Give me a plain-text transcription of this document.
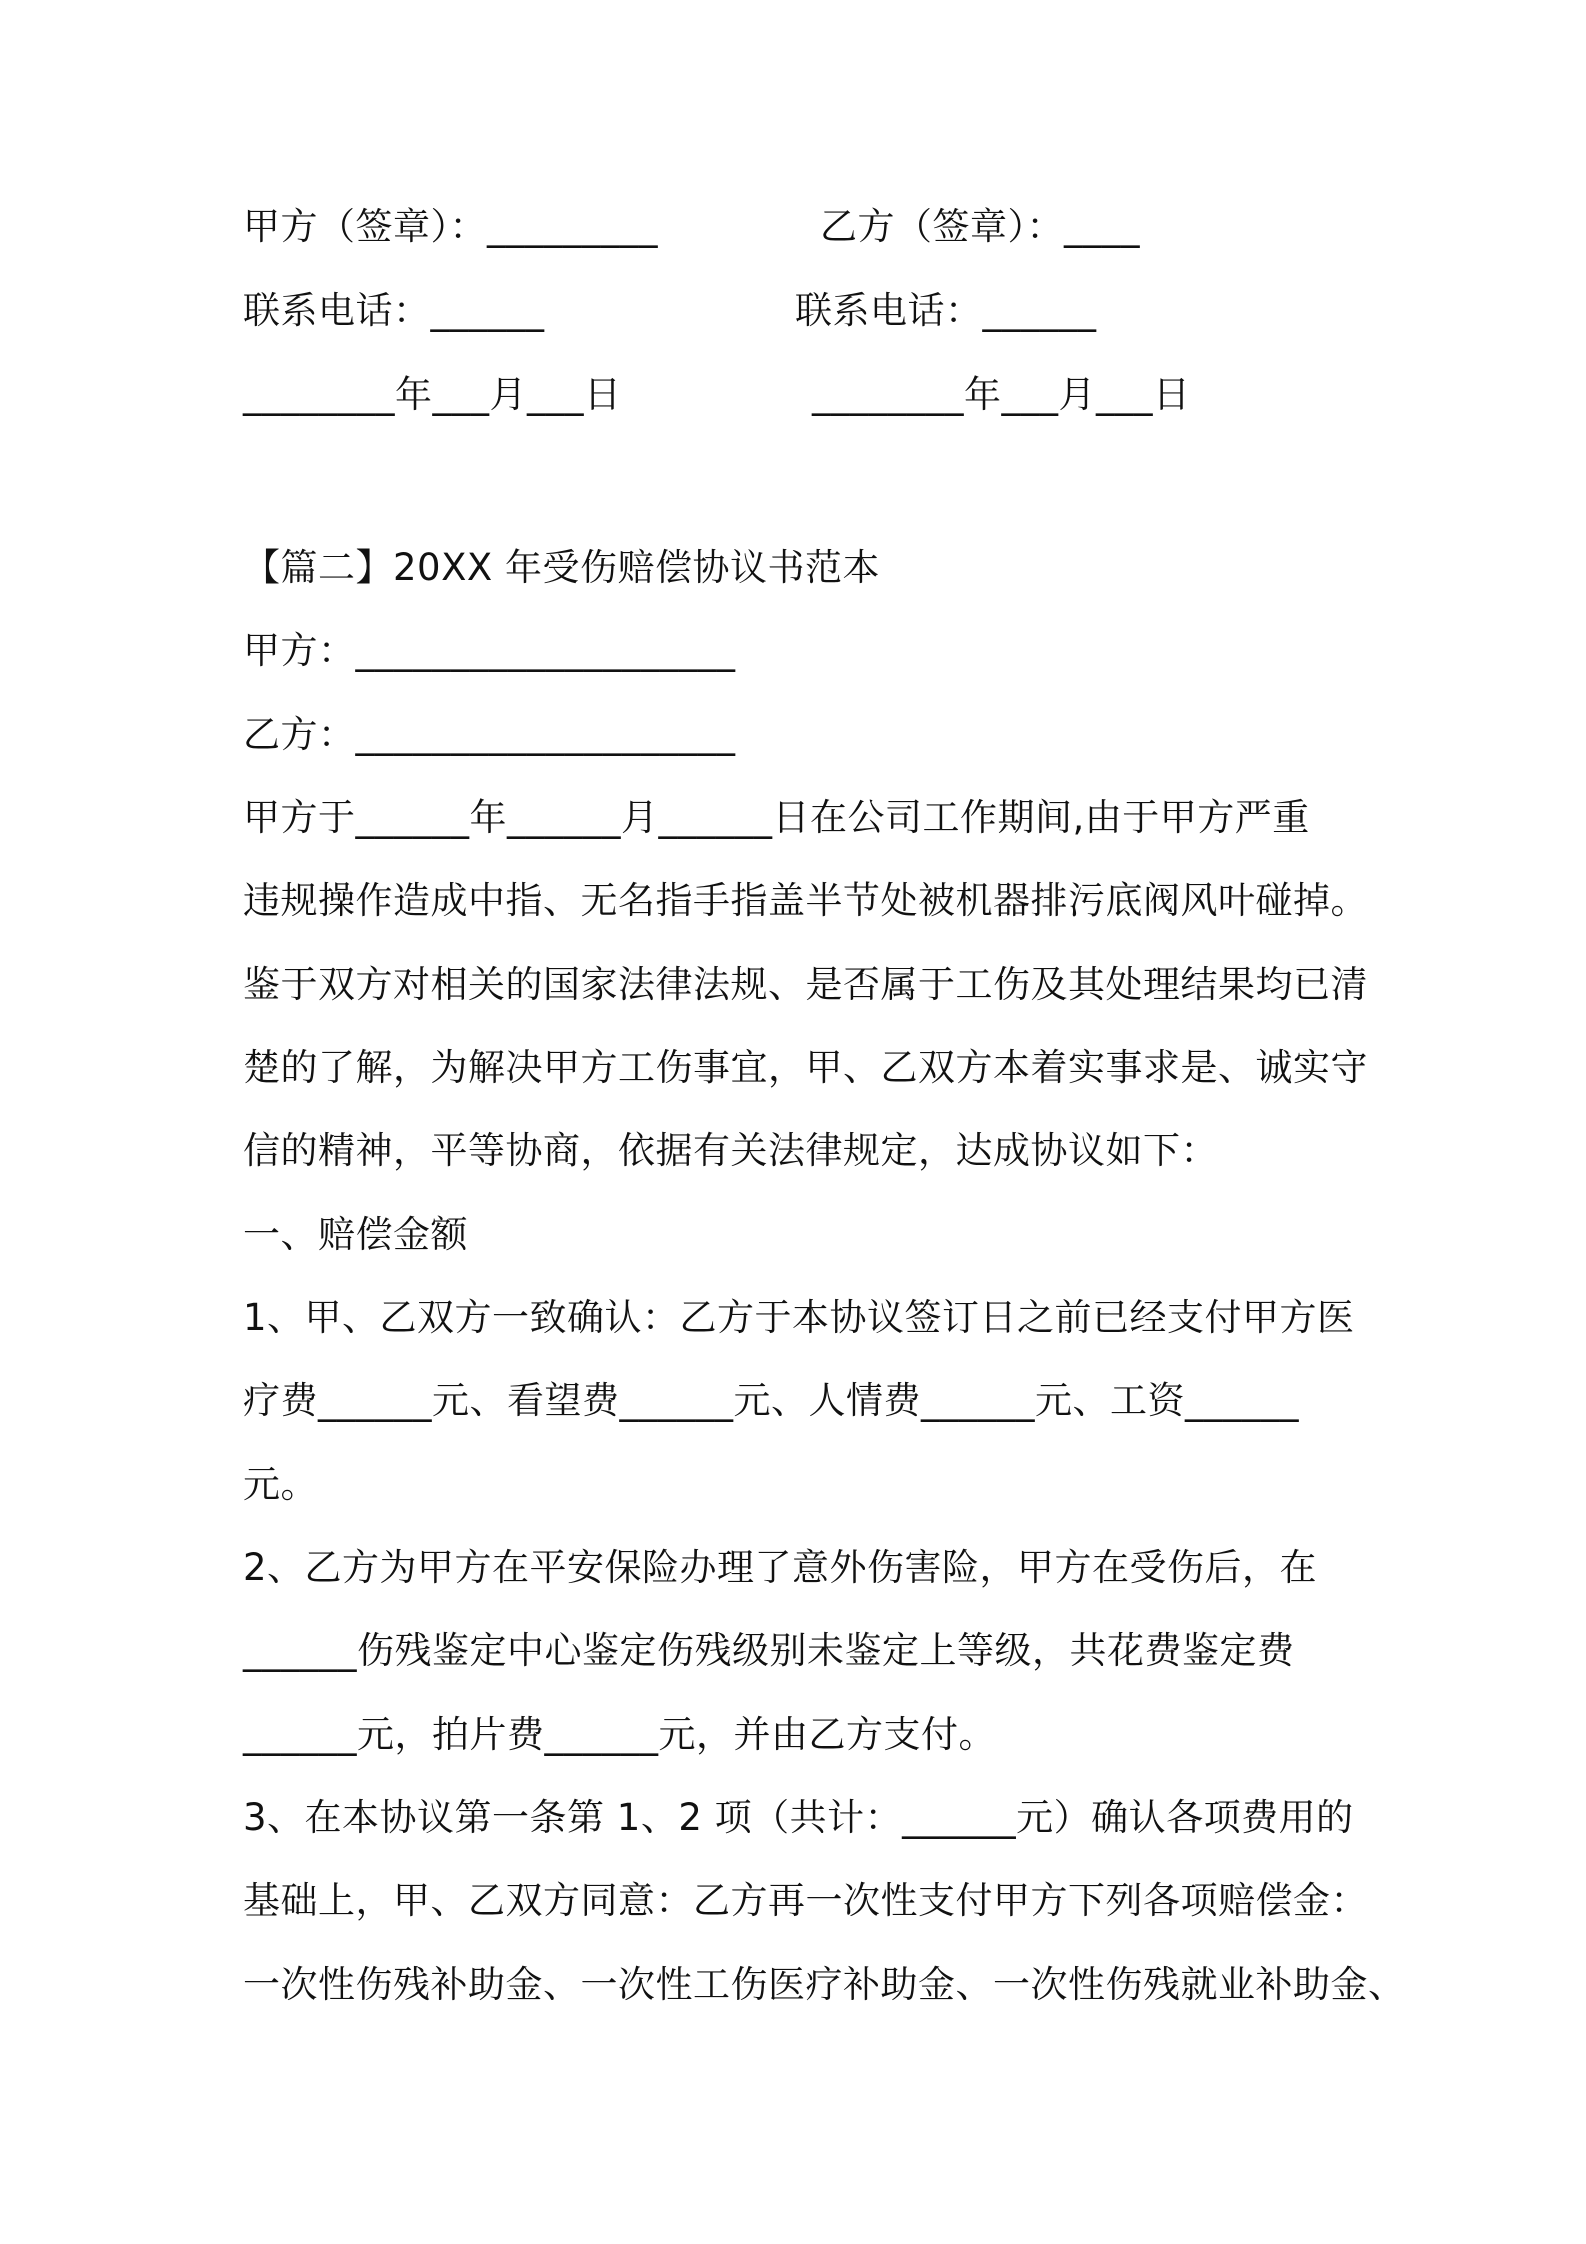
甲方（签章）：_________	乙方（签章）：____
联系电话：______	联系电话：______
________年___月___日	________年___月___日
【篇二】20XX 年受伤赔偿协议书范本
甲方：____________________
乙方：____________________
甲方于______年______月______日在公司工作期间,由于甲方严重
违规操作造成中指、无名指手指盖半节处被机器排污底阀风叶碰掉。
鉴于双方对相关的国家法律法规、是否属于工伤及其处理结果均已清
楚的了解，为解决甲方工伤事宜，甲、乙双方本着实事求是、诚实守
信的精神，平等协商，依据有关法律规定，达成协议如下：
一、赔偿金额
1、甲、乙双方一致确认：乙方于本协议签订日之前已经支付甲方医
疗费______元、看望费______元、人情费______元、工资______
元。
2、乙方为甲方在平安保险办理了意外伤害险，甲方在受伤后，在
______伤残鉴定中心鉴定伤残级别未鉴定上等级，共花费鉴定费
______元，拍片费______元，并由乙方支付。
3、在本协议第一条第 1、2 项（共计：______元）确认各项费用的
基础上，甲、乙双方同意：乙方再一次性支付甲方下列各项赔偿金：
一次性伤残补助金、一次性工伤医疗补助金、一次性伤残就业补助金、
